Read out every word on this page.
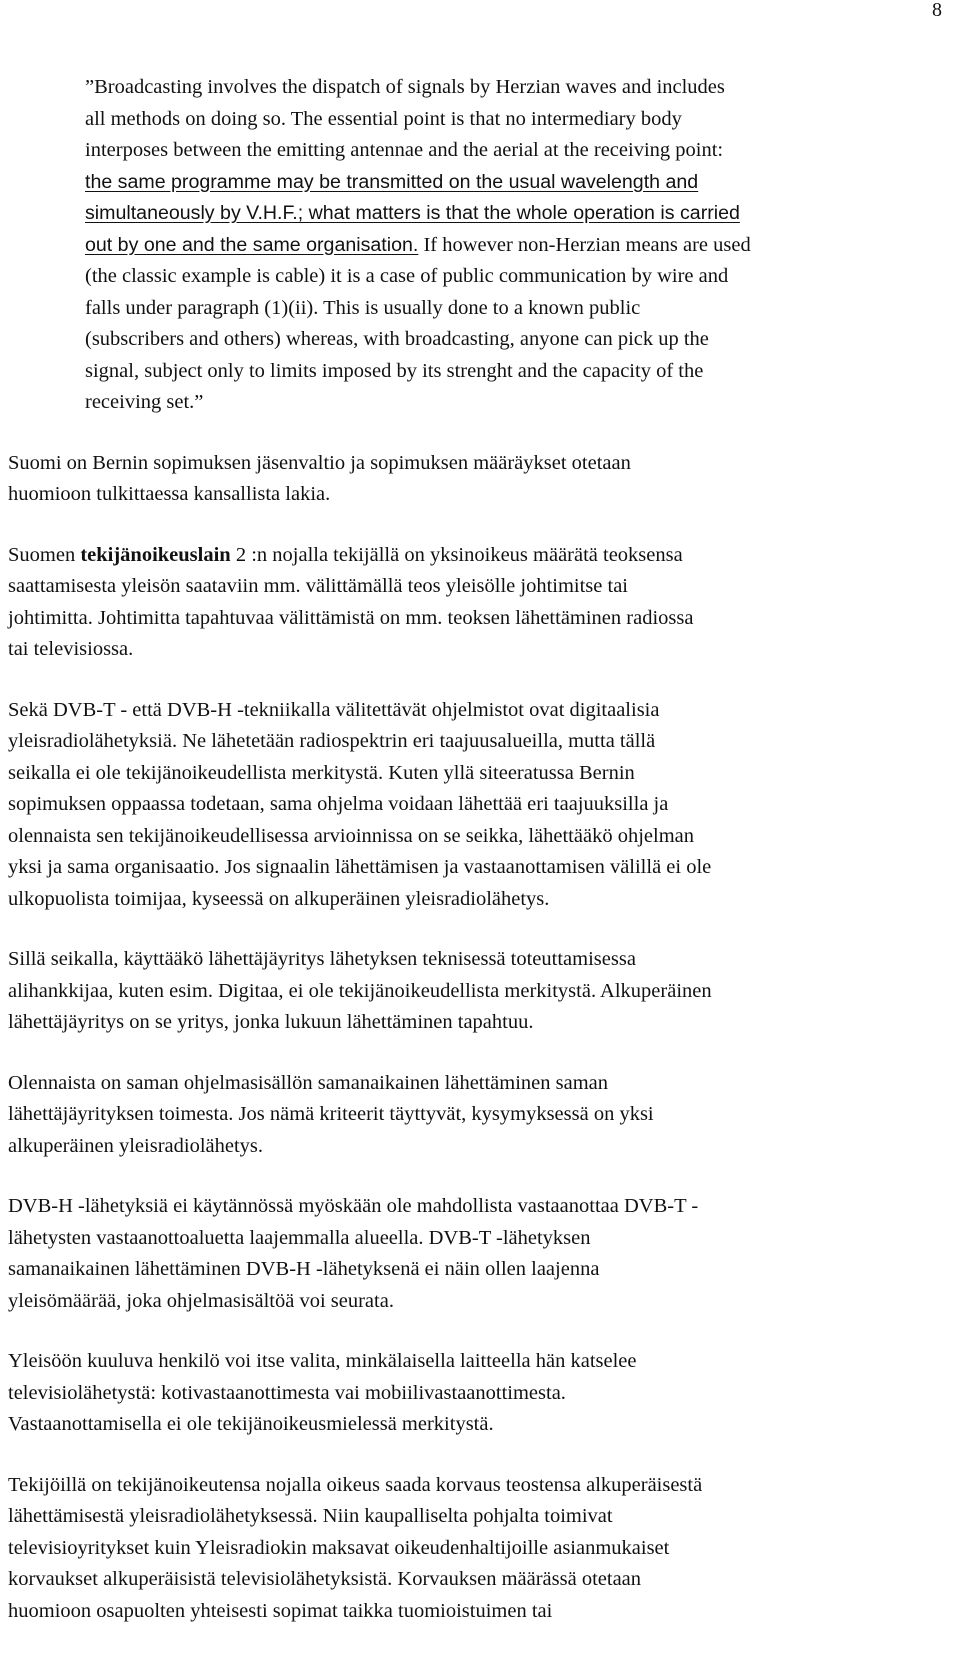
8
”Broadcasting involves the dispatch of signals by Herzian waves and includes
all methods on doing so. The essential point is that no intermediary body
interposes between the emitting antennae and the aerial at the receiving point:
the same programme may be transmitted on the usual wavelength and
simultaneously by V.H.F.; what matters is that the whole operation is carried
out by one and the same organisation. If however non-Herzian means are used
(the classic example is cable) it is a case of public communication by wire and
falls under paragraph (1)(ii). This is usually done to a known public
(subscribers and others) whereas, with broadcasting, anyone can pick up the
signal, subject only to limits imposed by its strenght and the capacity of the
receiving set.”
Suomi on Bernin sopimuksen jäsenvaltio ja sopimuksen määräykset otetaan
huomioon tulkittaessa kansallista lakia.
Suomen tekijänoikeuslain 2 :n nojalla tekijällä on yksinoikeus määrätä teoksensa
saattamisesta yleisön saataviin mm. välittämällä teos yleisölle johtimitse tai
johtimitta. Johtimitta tapahtuvaa välittämistä on mm. teoksen lähettäminen radiossa
tai televisiossa.
Sekä DVB-T - että DVB-H -tekniikalla välitettävät ohjelmistot ovat digitaalisia
yleisradiolähetyksiä. Ne lähetetään radiospektrin eri taajuusalueilla, mutta tällä
seikalla ei ole tekijänoikeudellista merkitystä. Kuten yllä siteeratussa Bernin
sopimuksen oppaassa todetaan, sama ohjelma voidaan lähettää eri taajuuksilla ja
olennaista sen tekijänoikeudellisessa arvioinnissa on se seikka, lähettääkö ohjelman
yksi ja sama organisaatio. Jos signaalin lähettämisen ja vastaanottamisen välillä ei ole
ulkopuolista toimijaa, kyseessä on alkuperäinen yleisradiolähetys.
Sillä seikalla, käyttääkö lähettäjäyritys lähetyksen teknisessä toteuttamisessa
alihankkijaa, kuten esim. Digitaa, ei ole tekijänoikeudellista merkitystä. Alkuperäinen
lähettäjäyritys on se yritys, jonka lukuun lähettäminen tapahtuu.
Olennaista on saman ohjelmasisällön samanaikainen lähettäminen saman
lähettäjäyrityksen toimesta. Jos nämä kriteerit täyttyvät, kysymyksessä on yksi
alkuperäinen yleisradiolähetys.
DVB-H -lähetyksiä ei käytännössä myöskään ole mahdollista vastaanottaa DVB-T -
lähetysten vastaanottoaluetta laajemmalla alueella. DVB-T -lähetyksen
samanaikainen lähettäminen DVB-H -lähetyksenä ei näin ollen laajenna
yleisömäärää, joka ohjelmasisältöä voi seurata.
Yleisöön kuuluva henkilö voi itse valita, minkälaisella laitteella hän katselee
televisiolähetystä: kotivastaanottimesta vai mobiilivastaanottimesta.
Vastaanottamisella ei ole tekijänoikeusmielessä merkitystä.
Tekijöillä on tekijänoikeutensa nojalla oikeus saada korvaus teostensa alkuperäisestä
lähettämisestä yleisradiolähetyksessä. Niin kaupalliselta pohjalta toimivat
televisioyritykset kuin Yleisradiokin maksavat oikeudenhaltijoille asianmukaiset
korvaukset alkuperäisistä televisiolähetyksistä. Korvauksen määrässä otetaan
huomioon osapuolten yhteisesti sopimat taikka tuomioistuimen tai
